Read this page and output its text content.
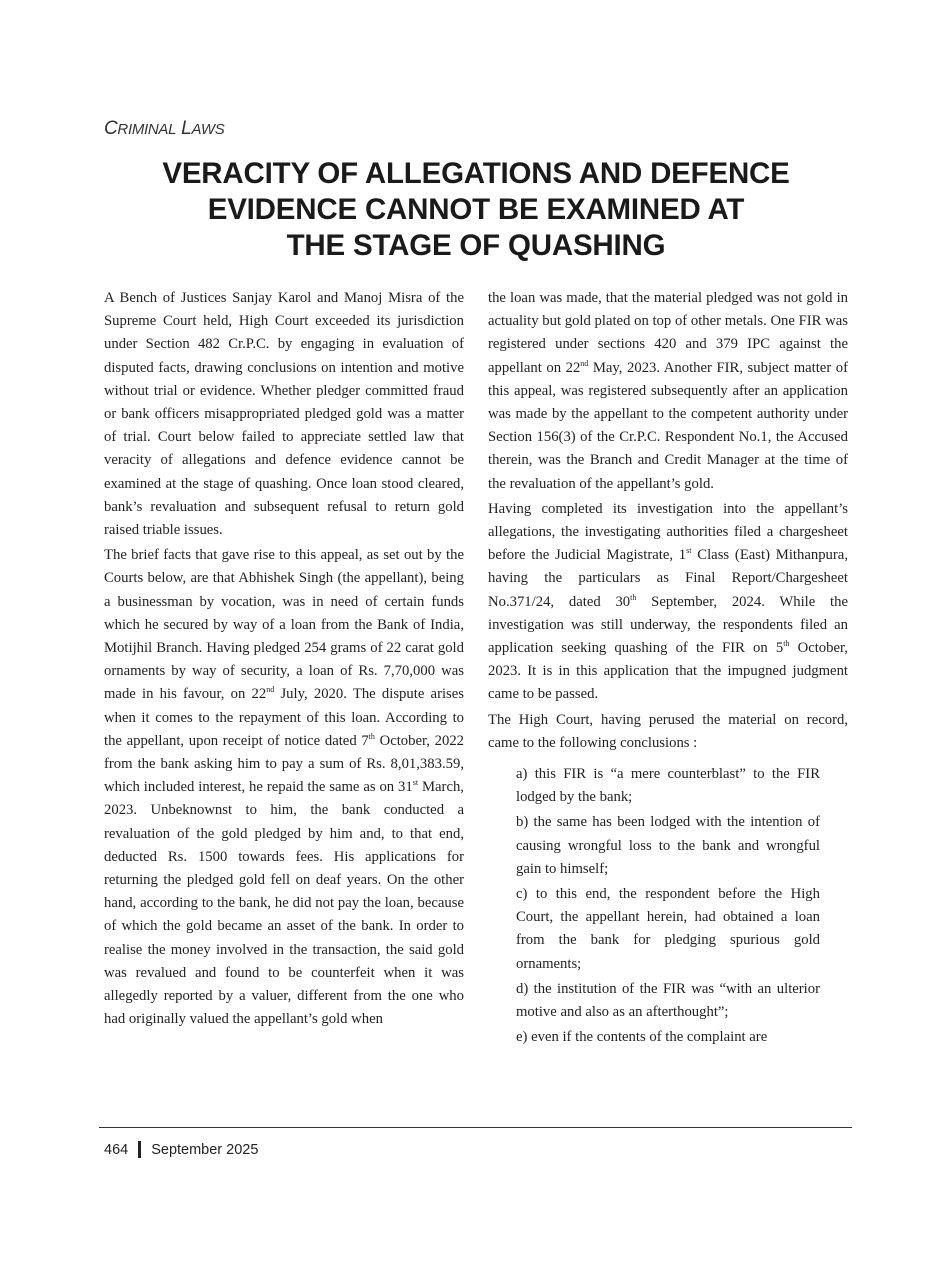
CRIMINAL LAWS
VERACITY OF ALLEGATIONS AND DEFENCE
EVIDENCE CANNOT BE EXAMINED AT
THE STAGE OF QUASHING

A Bench of Justices Sanjay Karol and Manoj Misra of the Supreme Court held, High Court exceeded its jurisdiction under Section 482 Cr.P.C. by engaging in evaluation of disputed facts, drawing conclusions on intention and motive without trial or evidence. Whether pledger committed fraud or bank officers misappropriated pledged gold was a matter of trial. Court below failed to appreciate settled law that veracity of allegations and defence evidence cannot be examined at the stage of quashing. Once loan stood cleared, bank’s revaluation and subsequent refusal to return gold raised triable issues.

The brief facts that gave rise to this appeal, as set out by the Courts below, are that Abhishek Singh (the appellant), being a businessman by vocation, was in need of certain funds which he secured by way of a loan from the Bank of India, Motijhil Branch. Having pledged 254 grams of 22 carat gold ornaments by way of security, a loan of Rs. 7,70,000 was made in his favour, on 22nd July, 2020. The dispute arises when it comes to the repayment of this loan. According to the appellant, upon receipt of notice dated 7th October, 2022 from the bank asking him to pay a sum of Rs. 8,01,383.59, which included interest, he repaid the same as on 31st March, 2023. Unbeknownst to him, the bank conducted a revaluation of the gold pledged by him and, to that end, deducted Rs. 1500 towards fees. His applications for returning the pledged gold fell on deaf years. On the other hand, according to the bank, he did not pay the loan, because of which the gold became an asset of the bank. In order to realise the money involved in the transaction, the said gold was revalued and found to be counterfeit when it was allegedly reported by a valuer, different from the one who had originally valued the appellant’s gold when

the loan was made, that the material pledged was not gold in actuality but gold plated on top of other metals. One FIR was registered under sections 420 and 379 IPC against the appellant on 22nd May, 2023. Another FIR, subject matter of this appeal, was registered subsequently after an application was made by the appellant to the competent authority under Section 156(3) of the Cr.P.C. Respondent No.1, the Accused therein, was the Branch and Credit Manager at the time of the revaluation of the appellant’s gold.

Having completed its investigation into the appellant’s allegations, the investigating authorities filed a chargesheet before the Judicial Magistrate, 1st Class (East) Mithanpura, having the particulars as Final Report/Chargesheet No.371/24, dated 30th September, 2024. While the investigation was still underway, the respondents filed an application seeking quashing of the FIR on 5th October, 2023. It is in this application that the impugned judgment came to be passed.

The High Court, having perused the material on record, came to the following conclusions :

a) this FIR is “a mere counterblast” to the FIR lodged by the bank;

b) the same has been lodged with the intention of causing wrongful loss to the bank and wrongful gain to himself;

c) to this end, the respondent before the High Court, the appellant herein, had obtained a loan from the bank for pledging spurious gold ornaments;

d) the institution of the FIR was “with an ulterior motive and also as an afterthought”;

e) even if the contents of the complaint are

464 September 2025
